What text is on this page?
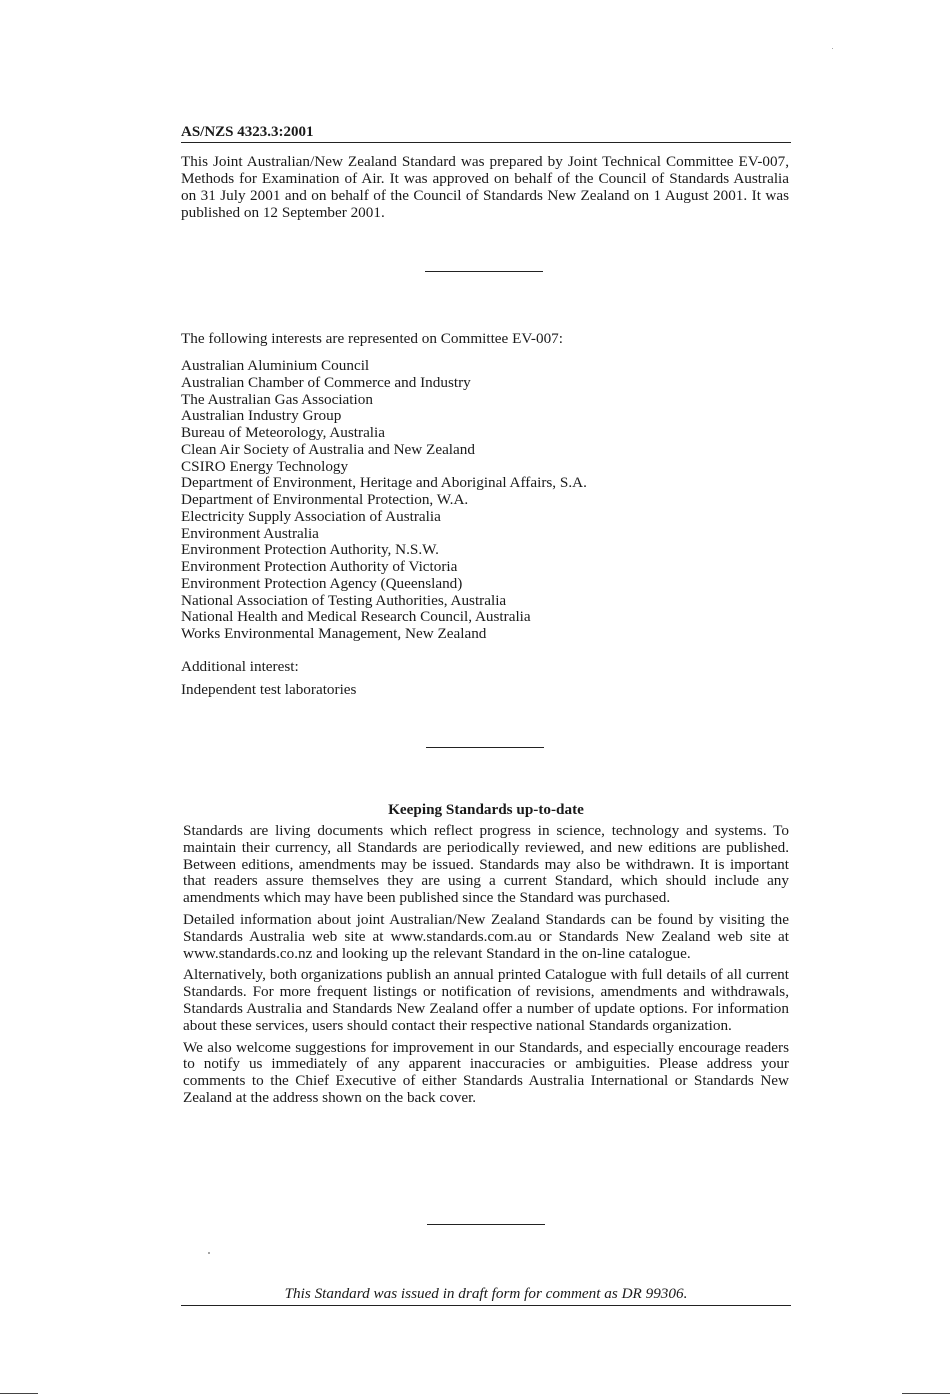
AS/NZS 4323.3:2001

This Joint Australian/New Zealand Standard was prepared by Joint Technical Committee EV-007, Methods for Examination of Air. It was approved on behalf of the Council of Standards Australia on 31 July 2001 and on behalf of the Council of Standards New Zealand on 1 August 2001. It was published on 12 September 2001.

The following interests are represented on Committee EV-007:

Australian Aluminium Council
Australian Chamber of Commerce and Industry
The Australian Gas Association
Australian Industry Group
Bureau of Meteorology, Australia
Clean Air Society of Australia and New Zealand
CSIRO Energy Technology
Department of Environment, Heritage and Aboriginal Affairs, S.A.
Department of Environmental Protection, W.A.
Electricity Supply Association of Australia
Environment Australia
Environment Protection Authority, N.S.W.
Environment Protection Authority of Victoria
Environment Protection Agency (Queensland)
National Association of Testing Authorities, Australia
National Health and Medical Research Council, Australia
Works Environmental Management, New Zealand

Additional interest:

Independent test laboratories

Keeping Standards up-to-date

Standards are living documents which reflect progress in science, technology and systems. To maintain their currency, all Standards are periodically reviewed, and new editions are published. Between editions, amendments may be issued. Standards may also be withdrawn. It is important that readers assure themselves they are using a current Standard, which should include any amendments which may have been published since the Standard was purchased.

Detailed information about joint Australian/New Zealand Standards can be found by visiting the Standards Australia web site at www.standards.com.au or Standards New Zealand web site at www.standards.co.nz and looking up the relevant Standard in the on-line catalogue.

Alternatively, both organizations publish an annual printed Catalogue with full details of all current Standards. For more frequent listings or notification of revisions, amendments and withdrawals, Standards Australia and Standards New Zealand offer a number of update options. For information about these services, users should contact their respective national Standards organization.

We also welcome suggestions for improvement in our Standards, and especially encourage readers to notify us immediately of any apparent inaccuracies or ambiguities. Please address your comments to the Chief Executive of either Standards Australia International or Standards New Zealand at the address shown on the back cover.

This Standard was issued in draft form for comment as DR 99306.
